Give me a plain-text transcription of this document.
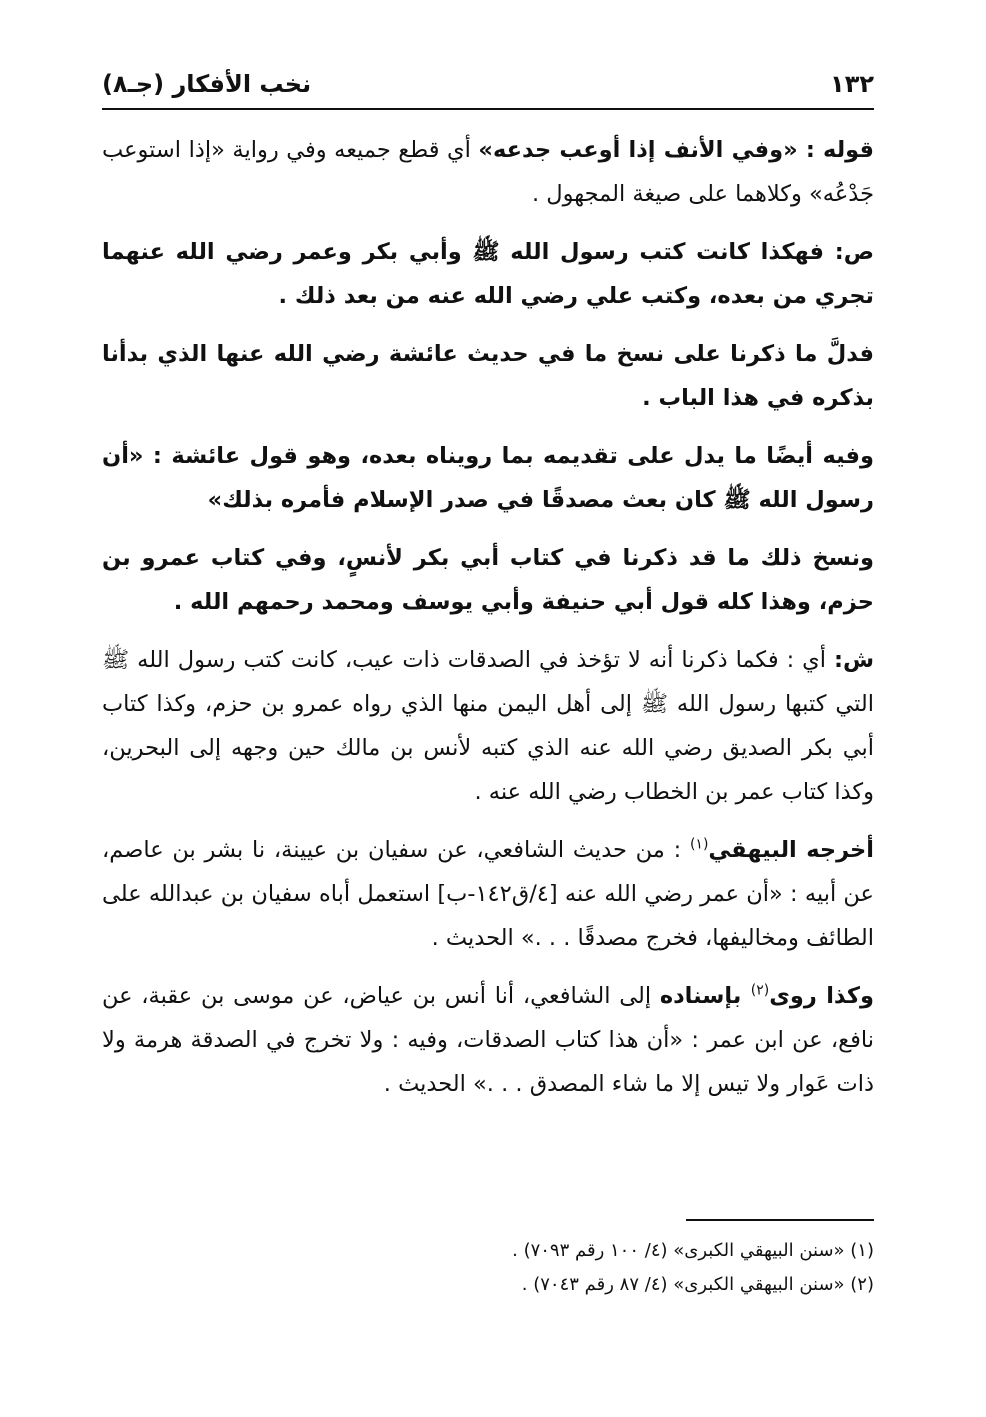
١٣٢
نخب الأفكار (جـ٨)

قوله : «وفي الأنف إذا أوعب جدعه» أي قطع جميعه وفي رواية «إذا استوعب جَدْعُه» وكلاهما على صيغة المجهول .

ص: فهكذا كانت كتب رسول الله ﷺ وأبي بكر وعمر رضي الله عنهما تجري من بعده، وكتب علي رضي الله عنه من بعد ذلك .

فدلَّ ما ذكرنا على نسخ ما في حديث عائشة رضي الله عنها الذي بدأنا بذكره في هذا الباب .

وفيه أيضًا ما يدل على تقديمه بما رويناه بعده، وهو قول عائشة : «أن رسول الله ﷺ كان بعث مصدقًا في صدر الإسلام فأمره بذلك»

ونسخ ذلك ما قد ذكرنا في كتاب أبي بكر لأنسٍ، وفي كتاب عمرو بن حزم، وهذا كله قول أبي حنيفة وأبي يوسف ومحمد رحمهم الله .

ش: أي : فكما ذكرنا أنه لا تؤخذ في الصدقات ذات عيب، كانت كتب رسول الله ﷺ التي كتبها رسول الله ﷺ إلى أهل اليمن منها الذي رواه عمرو بن حزم، وكذا كتاب أبي بكر الصديق رضي الله عنه الذي كتبه لأنس بن مالك حين وجهه إلى البحرين، وكذا كتاب عمر بن الخطاب رضي الله عنه .

أخرجه البيهقي$^{(١)}$ : من حديث الشافعي، عن سفيان بن عيينة، نا بشر بن عاصم، عن أبيه : «أن عمر رضي الله عنه [٤/ق١٤٢-ب] استعمل أباه سفيان بن عبدالله على الطائف ومخاليفها، فخرج مصدقًا . . .» الحديث .

وكذا روى$^{(٢)}$ بإسناده إلى الشافعي، أنا أنس بن عياض، عن موسى بن عقبة، عن نافع، عن ابن عمر : «أن هذا كتاب الصدقات، وفيه : ولا تخرج في الصدقة هرمة ولا ذات عَوار ولا تيس إلا ما شاء المصدق . . .» الحديث .

(١) «سنن البيهقي الكبرى» (٤/ ١٠٠ رقم ٧٠٩٣) .

(٢) «سنن البيهقي الكبرى» (٤/ ٨٧ رقم ٧٠٤٣) .
